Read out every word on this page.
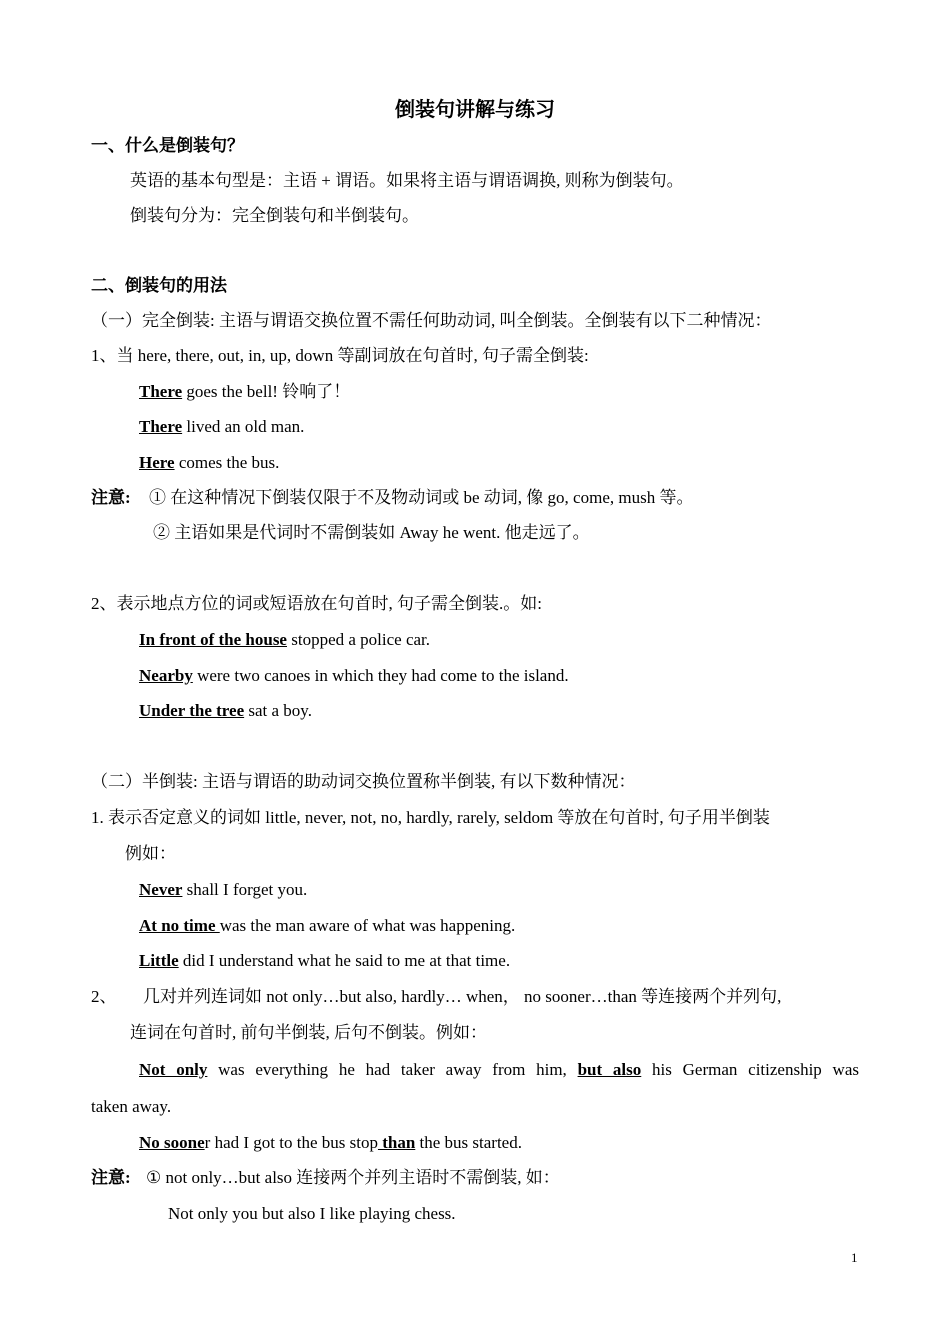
倒装句讲解与练习
一、什么是倒装句？
英语的基本句型是：主语 + 谓语。如果将主语与谓语调换, 则称为倒装句。
倒装句分为：完全倒装句和半倒装句。
二、倒装句的用法
（一）完全倒装: 主语与谓语交换位置不需任何助动词, 叫全倒装。全倒装有以下二种情况：
1、当 here, there, out, in, up, down 等副词放在句首时, 句子需全倒装:
There goes the bell! 铃响了！
There lived an old man.
Here comes the bus.
注意: ① 在这种情况下倒装仅限于不及物动词或 be 动词, 像 go, come, mush 等。
② 主语如果是代词时不需倒装如 Away he went. 他走远了。
2、表示地点方位的词或短语放在句首时, 句子需全倒装.。如:
In front of the house stopped a police car.
Nearby were two canoes in which they had come to the island.
Under the tree sat a boy.
（二）半倒装: 主语与谓语的助动词交换位置称半倒装, 有以下数种情况：
1. 表示否定意义的词如 little, never, not, no, hardly, rarely, seldom 等放在句首时, 句子用半倒装
例如：
Never shall I forget you.
At no time was the man aware of what was happening.
Little did I understand what he said to me at that time.
2、 几对并列连词如 not only…but also, hardly… when， no sooner…than 等连接两个并列句,
连词在句首时, 前句半倒装, 后句不倒装。例如：
Not only was everything he had taker away from him, but also his German citizenship was
taken away.
No sooner had I got to the bus stop than the bus started.
注意: ① not only…but also 连接两个并列主语时不需倒装, 如：
Not only you but also I like playing chess.
1
